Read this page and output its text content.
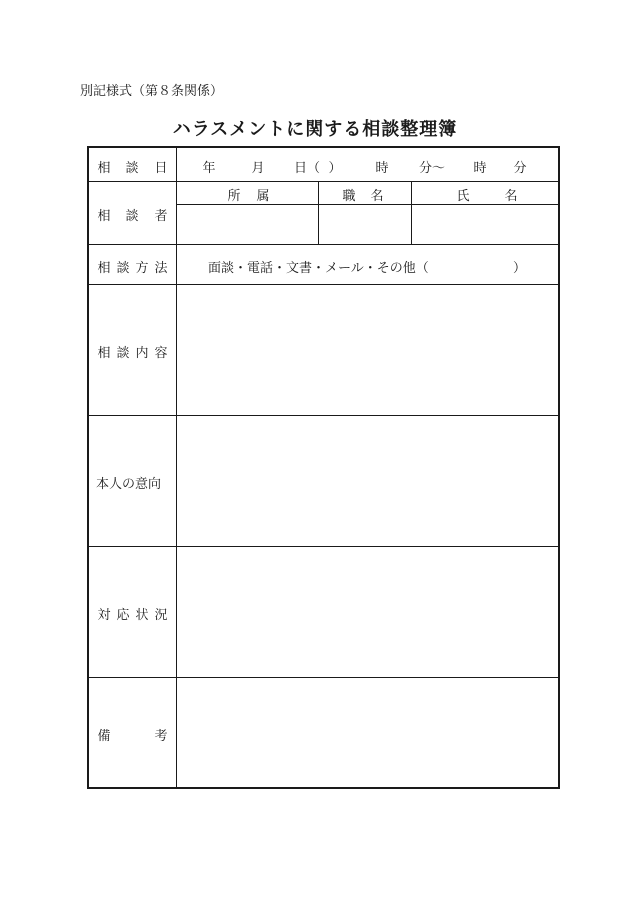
別記様式（第８条関係）
ハラスメントに関する相談整理簿
相 談 日	年	月 日（ ）	時 分～ 時 分
相 談 者
所 属	職 名	氏	名
相 談 方 法	面談・電話・文書・メール・その他（	）
相 談 内 容
本人の意向
対 応 状 況
備	考
